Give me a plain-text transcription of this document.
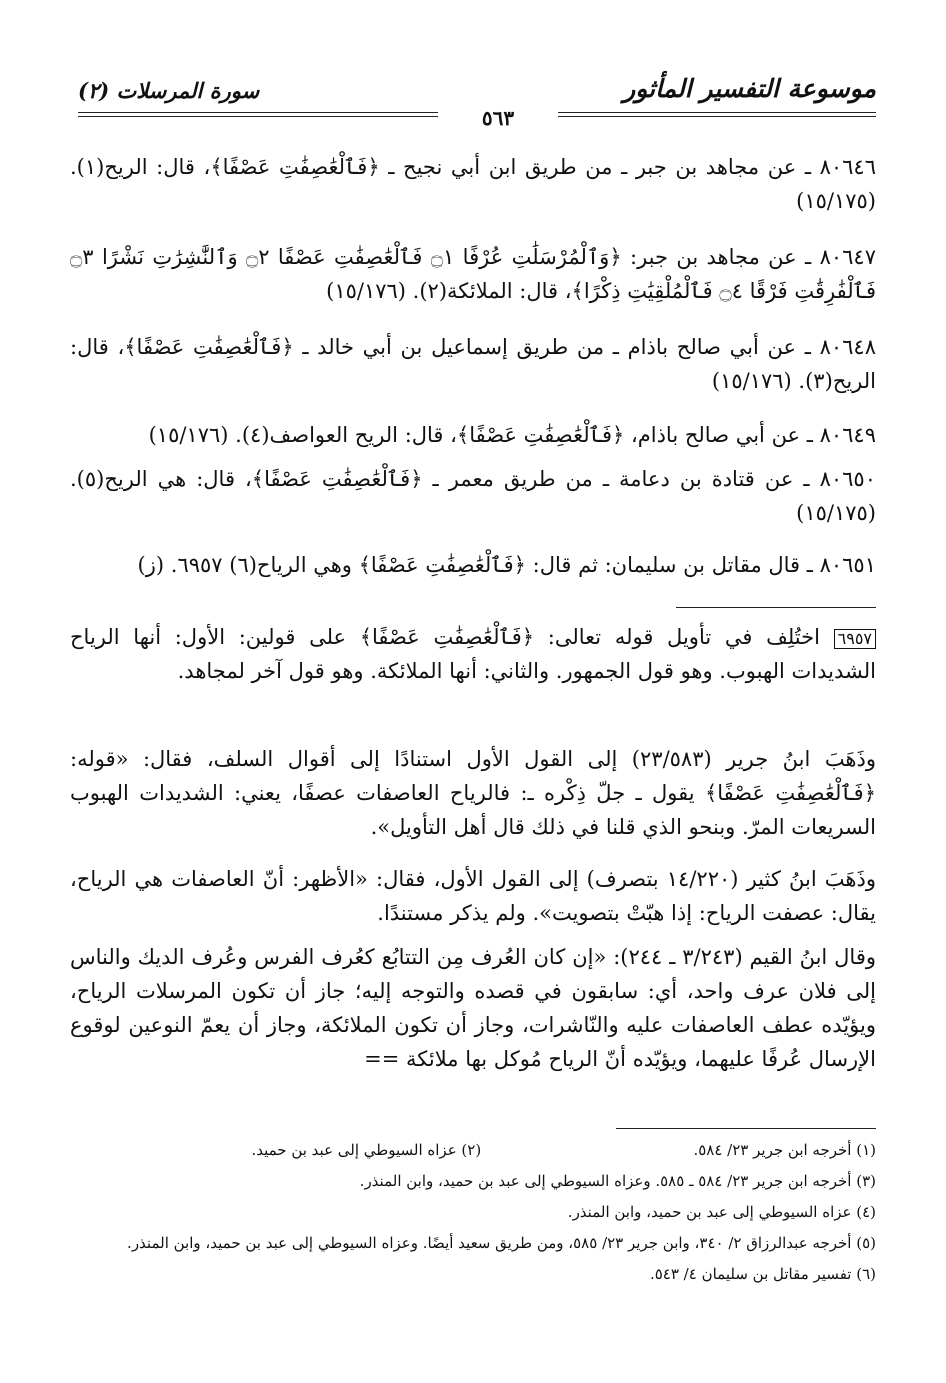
موسوعة التفسير المأثور
سورة المرسلات (٢)
٥٦٣
٨٠٦٤٦ ـ عن مجاهد بن جبر ـ من طريق ابن أبي نجيح ـ ﴿فَٱلْعَٰصِفَٰتِ عَصْفًا﴾، قال: الريح(١). (١٥/١٧٥)
٨٠٦٤٧ ـ عن مجاهد بن جبر: ﴿وَٱلْمُرْسَلَٰتِ عُرْفًا ۝١ فَٱلْعَٰصِفَٰتِ عَصْفًا ۝٢ وَٱلنَّٰشِرَٰتِ نَشْرًا ۝٣ فَٱلْفَٰرِقَٰتِ فَرْقًا ۝٤ فَٱلْمُلْقِيَٰتِ ذِكْرًا﴾، قال: الملائكة(٢). (١٥/١٧٦)
٨٠٦٤٨ ـ عن أبي صالح باذام ـ من طريق إسماعيل بن أبي خالد ـ ﴿فَٱلْعَٰصِفَٰتِ عَصْفًا﴾، قال: الريح(٣). (١٥/١٧٦)
٨٠٦٤٩ ـ عن أبي صالح باذام، ﴿فَٱلْعَٰصِفَٰتِ عَصْفًا﴾، قال: الريح العواصف(٤). (١٥/١٧٦)
٨٠٦٥٠ ـ عن قتادة بن دعامة ـ من طريق معمر ـ ﴿فَٱلْعَٰصِفَٰتِ عَصْفًا﴾، قال: هي الريح(٥). (١٥/١٧٥)
٨٠٦٥١ ـ قال مقاتل بن سليمان: ثم قال: ﴿فَٱلْعَٰصِفَٰتِ عَصْفًا﴾ وهي الرياح(٦) ٦٩٥٧. (ز)
٦٩٥٧ اختُلِف في تأويل قوله تعالى: ﴿فَٱلْعَٰصِفَٰتِ عَصْفًا﴾ على قولين: الأول: أنها الرياح الشديدات الهبوب. وهو قول الجمهور. والثاني: أنها الملائكة. وهو قول آخر لمجاهد.
وذَهَبَ ابنُ جرير (٢٣/٥٨٣) إلى القول الأول استنادًا إلى أقوال السلف، فقال: «قوله: ﴿فَٱلْعَٰصِفَٰتِ عَصْفًا﴾ يقول ـ جلّ ذِكْره ـ: فالرياح العاصفات عصفًا، يعني: الشديدات الهبوب السريعات المرّ. وبنحو الذي قلنا في ذلك قال أهل التأويل».
وذَهَبَ ابنُ كثير (١٤/٢٢٠ بتصرف) إلى القول الأول، فقال: «الأظهر: أنّ العاصفات هي الرياح، يقال: عصفت الرياح: إذا هبّتْ بتصويت». ولم يذكر مستندًا.
وقال ابنُ القيم (٣/٢٤٣ ـ ٢٤٤): «إن كان العُرف مِن التتابُع كعُرف الفرس وعُرف الديك والناس إلى فلان عرف واحد، أي: سابقون في قصده والتوجه إليه؛ جاز أن تكون المرسلات الرياح، ويؤيّده عطف العاصفات عليه والنّاشرات، وجاز أن تكون الملائكة، وجاز أن يعمّ النوعين لوقوع الإرسال عُرفًا عليهما، ويؤيّده أنّ الرياح مُوكل بها ملائكة ==
(١) أخرجه ابن جرير ٢٣/ ٥٨٤. (٢) عزاه السيوطي إلى عبد بن حميد.
(٣) أخرجه ابن جرير ٢٣/ ٥٨٤ ـ ٥٨٥. وعزاه السيوطي إلى عبد بن حميد، وابن المنذر.
(٤) عزاه السيوطي إلى عبد بن حميد، وابن المنذر.
(٥) أخرجه عبدالرزاق ٢/ ٣٤٠، وابن جرير ٢٣/ ٥٨٥، ومن طريق سعيد أيضًا. وعزاه السيوطي إلى عبد بن حميد، وابن المنذر.
(٦) تفسير مقاتل بن سليمان ٤/ ٥٤٣.
